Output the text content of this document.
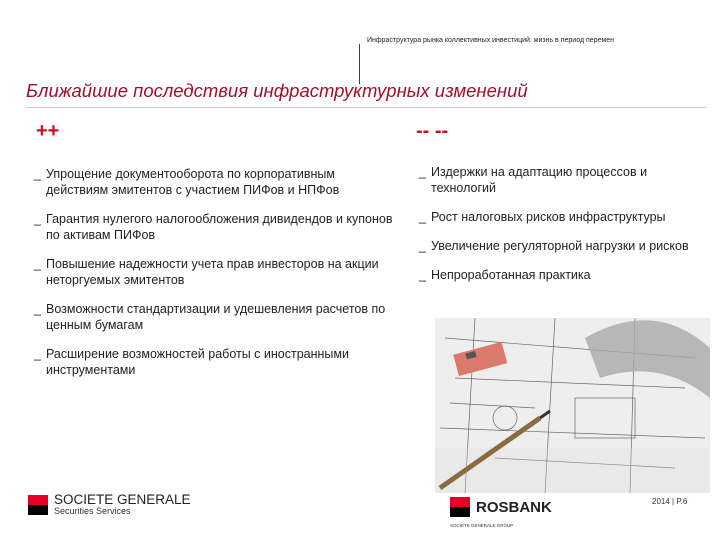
Инфраструктура рынка коллективных инвестиций: жизнь в период перемен
Ближайшие последствия инфраструктурных изменений
++	-- --
_ Упрощение документооборота по корпоративным действиям эмитентов с участием ПИФов и НПФов
_ Гарантия нулегого налогообложения дивидендов и купонов по активам ПИФов
_ Повышение надежности учета прав инвесторов на акции неторгуемых эмитентов
_ Возможности стандартизации и удешевления расчетов по ценным бумагам
_ Расширение возможностей работы с иностранными инструментами
_ Издержки на адаптацию процессов и технологий
_ Рост налоговых рисков инфраструктуры
_ Увеличение регуляторной нагрузки и рисков
_ Непроработанная практика
SOCIETE GENERALE
Securities Services	ROSBANK
SOCIETE GENERALE GROUP
2014 | P.6
